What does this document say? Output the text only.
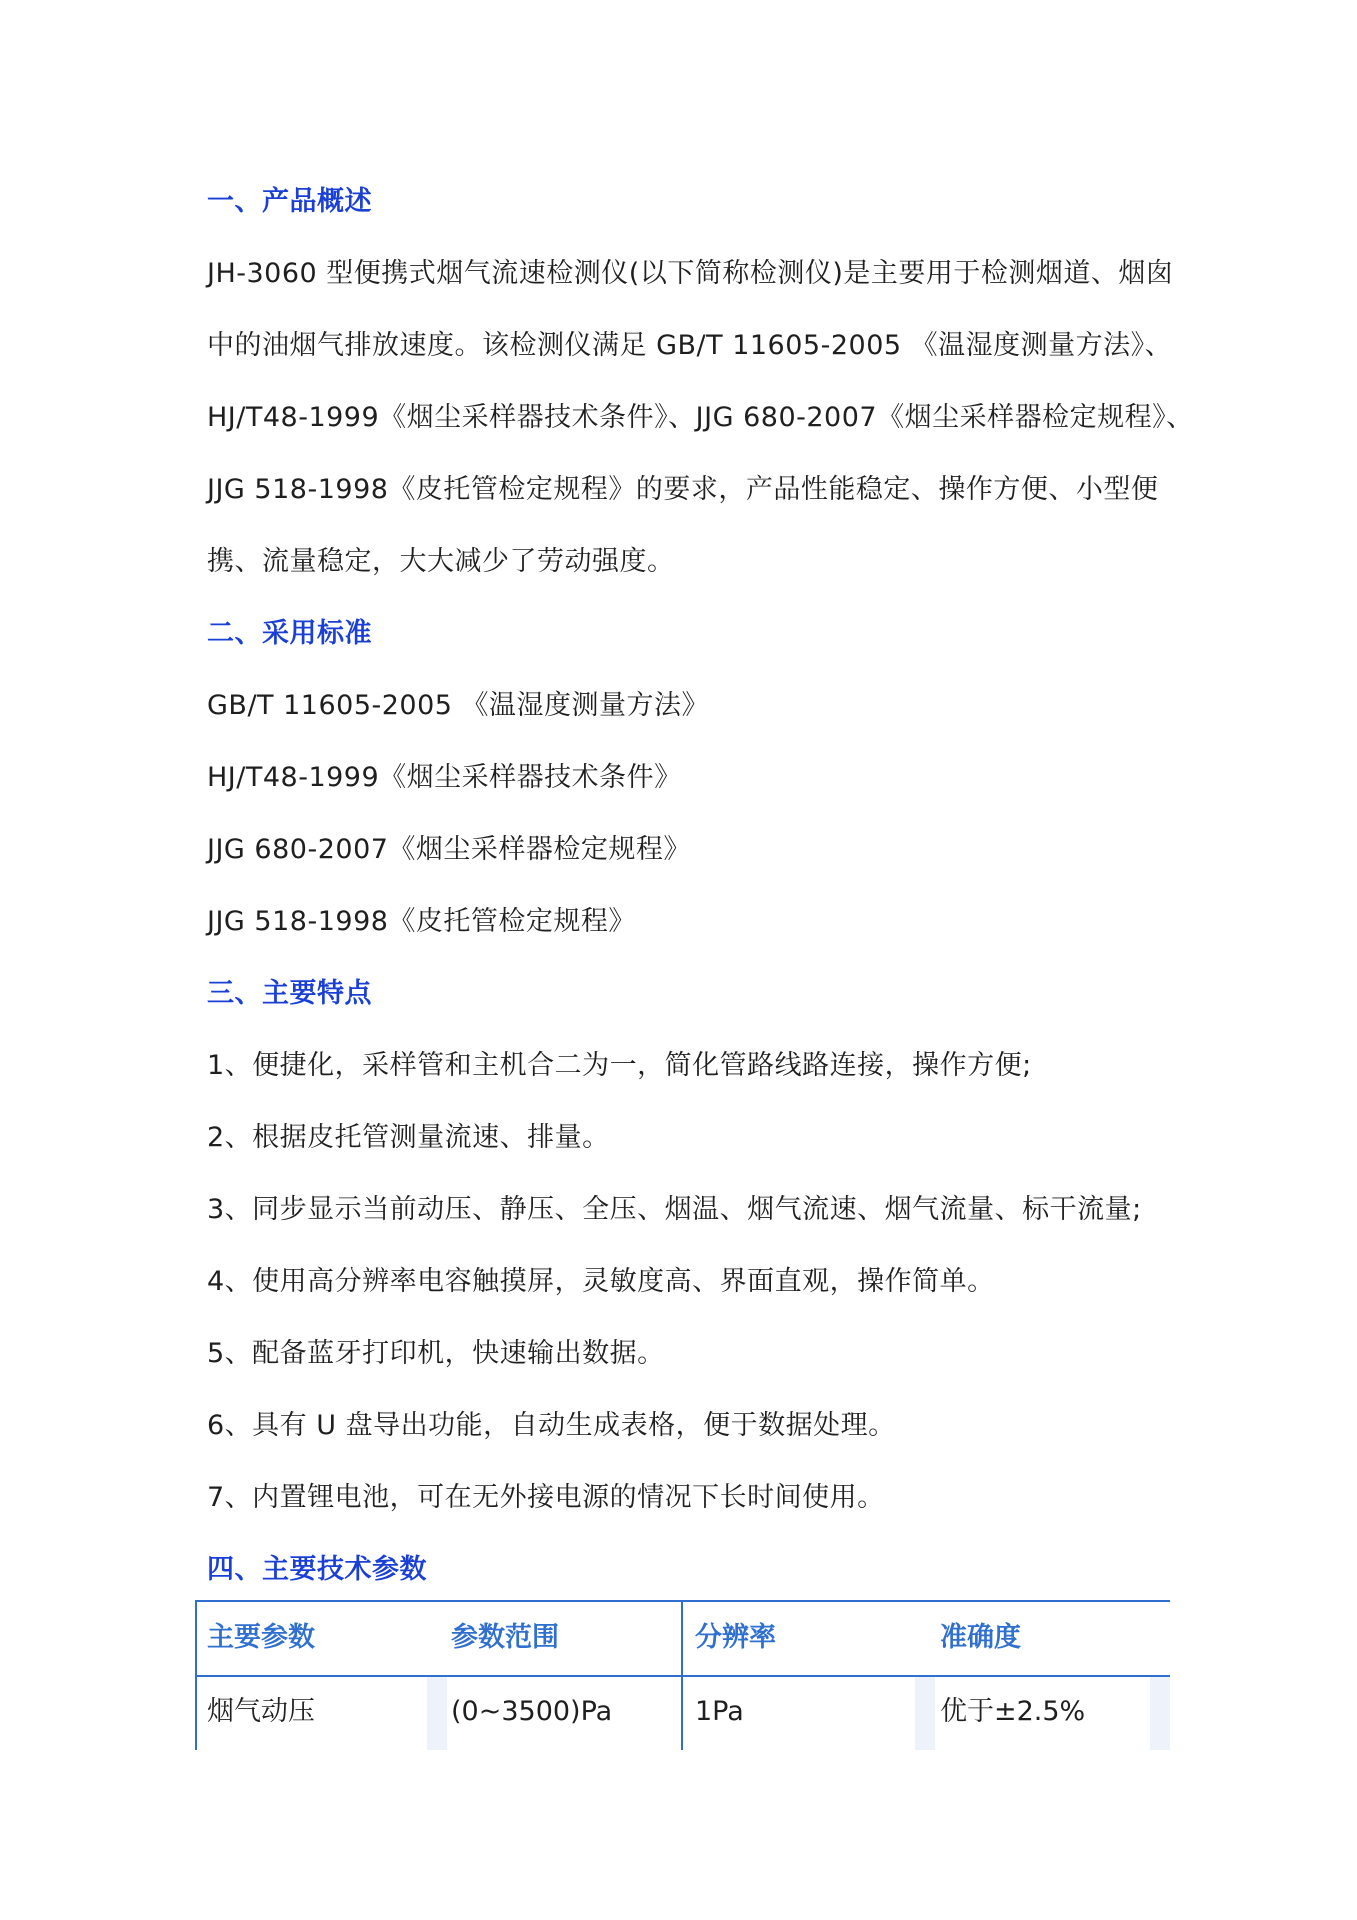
一、产品概述
JH-3060 型便携式烟气流速检测仪(以下简称检测仪)是主要用于检测烟道、烟囱
中的油烟气排放速度。该检测仪满足 GB/T 11605-2005 《温湿度测量方法》、
HJ/T48-1999《烟尘采样器技术条件》、JJG 680-2007《烟尘采样器检定规程》、
JJG 518-1998《皮托管检定规程》的要求，产品性能稳定、操作方便、小型便
携、流量稳定，大大减少了劳动强度。
二、采用标准
GB/T 11605-2005 《温湿度测量方法》
HJ/T48-1999《烟尘采样器技术条件》
JJG 680-2007《烟尘采样器检定规程》
JJG 518-1998《皮托管检定规程》
三、主要特点
1、便捷化，采样管和主机合二为一，简化管路线路连接，操作方便;
2、根据皮托管测量流速、排量。
3、同步显示当前动压、静压、全压、烟温、烟气流速、烟气流量、标干流量;
4、使用高分辨率电容触摸屏，灵敏度高、界面直观，操作简单。
5、配备蓝牙打印机，快速输出数据。
6、具有 U 盘导出功能，自动生成表格，便于数据处理。
7、内置锂电池，可在无外接电源的情况下长时间使用。
四、主要技术参数
主要参数	参数范围	分辨率	准确度
烟气动压	(0~3500)Pa	1Pa	优于±2.5%
